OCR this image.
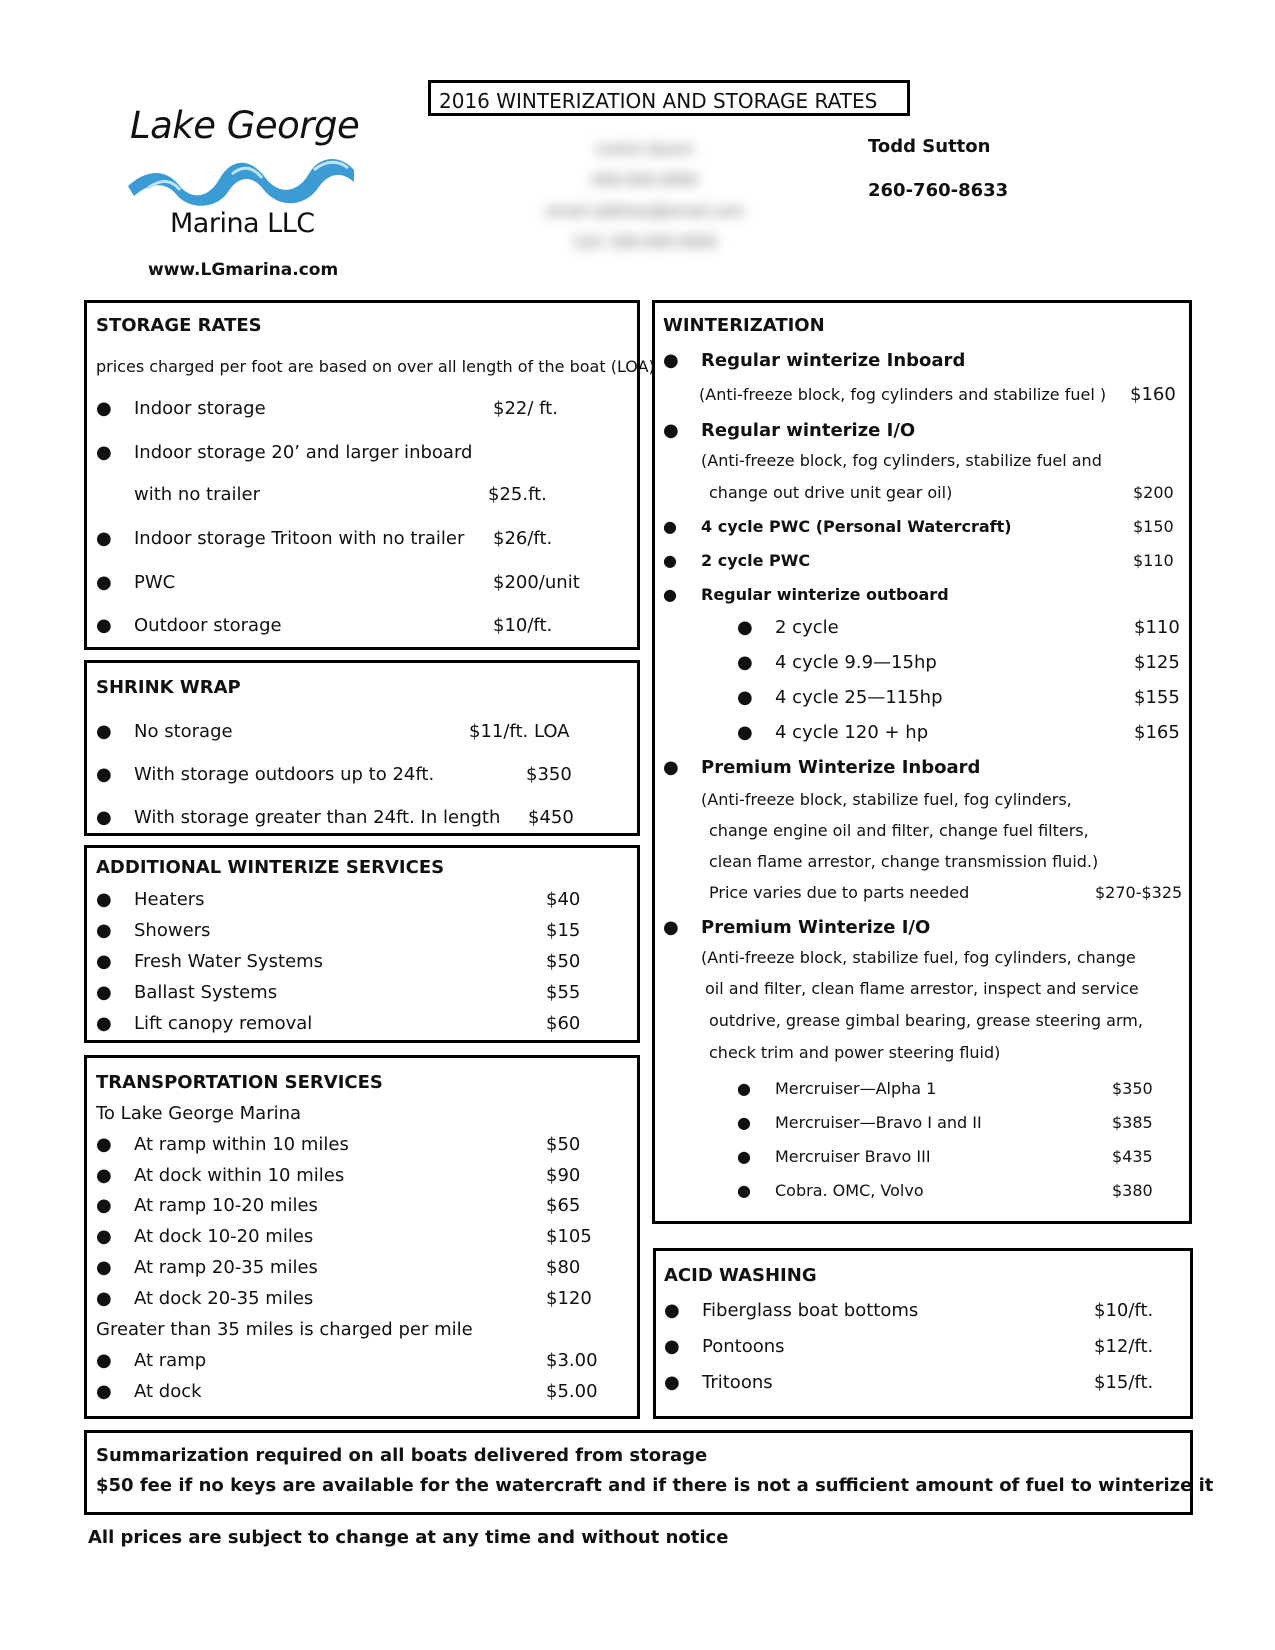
2016 WINTERIZATION AND STORAGE RATES
Lake George
Marina LLC
www.LGmarina.com
Lorem Ipsum
000-000-0000
email address@email.com
Cell: 000-000-0000
Todd Sutton
260-760-8633
STORAGE RATES
prices charged per foot are based on over all length of the boat (LOA)
● Indoor storage	$22/ ft.
● Indoor storage 20’ and larger inboard
with no trailer	$25.ft.
● Indoor storage Tritoon with no trailer $26/ft.
● PWC	$200/unit
● Outdoor storage	$10/ft.
SHRINK WRAP
● No storage	$11/ft. LOA
● With storage outdoors up to 24ft.	$350
● With storage greater than 24ft. In length $450
ADDITIONAL WINTERIZE SERVICES
● Heaters	$40
● Showers	$15
● Fresh Water Systems	$50
● Ballast Systems	$55
● Lift canopy removal	$60
TRANSPORTATION SERVICES
To Lake George Marina
● At ramp within 10 miles	$50
● At dock within 10 miles	$90
● At ramp 10-20 miles	$65
● At dock 10-20 miles	$105
● At ramp 20-35 miles	$80
● At dock 20-35 miles	$120
Greater than 35 miles is charged per mile
● At ramp	$3.00
● At dock	$5.00
WINTERIZATION
● Regular winterize Inboard
(Anti-freeze block, fog cylinders and stabilize fuel ) $160
● Regular winterize I/O
(Anti-freeze block, fog cylinders, stabilize fuel and
change out drive unit gear oil)	$200
● 4 cycle PWC (Personal Watercraft)	$150
● 2 cycle PWC	$110
● Regular winterize outboard
● 2 cycle	$110
● 4 cycle 9.9—15hp	$125
● 4 cycle 25—115hp	$155
● 4 cycle 120 + hp	$165
● Premium Winterize Inboard
(Anti-freeze block, stabilize fuel, fog cylinders,
change engine oil and filter, change fuel filters,
clean flame arrestor, change transmission fluid.)
Price varies due to parts needed	$270-$325
● Premium Winterize I/O
(Anti-freeze block, stabilize fuel, fog cylinders, change
oil and filter, clean flame arrestor, inspect and service
outdrive, grease gimbal bearing, grease steering arm,
check trim and power steering fluid)
● Mercruiser—Alpha 1	$350
● Mercruiser—Bravo I and II	$385
● Mercruiser Bravo III	$435
● Cobra. OMC, Volvo	$380
ACID WASHING
● Fiberglass boat bottoms	$10/ft.
● Pontoons	$12/ft.
● Tritoons	$15/ft.
Summarization required on all boats delivered from storage
$50 fee if no keys are available for the watercraft and if there is not a sufficient amount of fuel to winterize it
All prices are subject to change at any time and without notice
